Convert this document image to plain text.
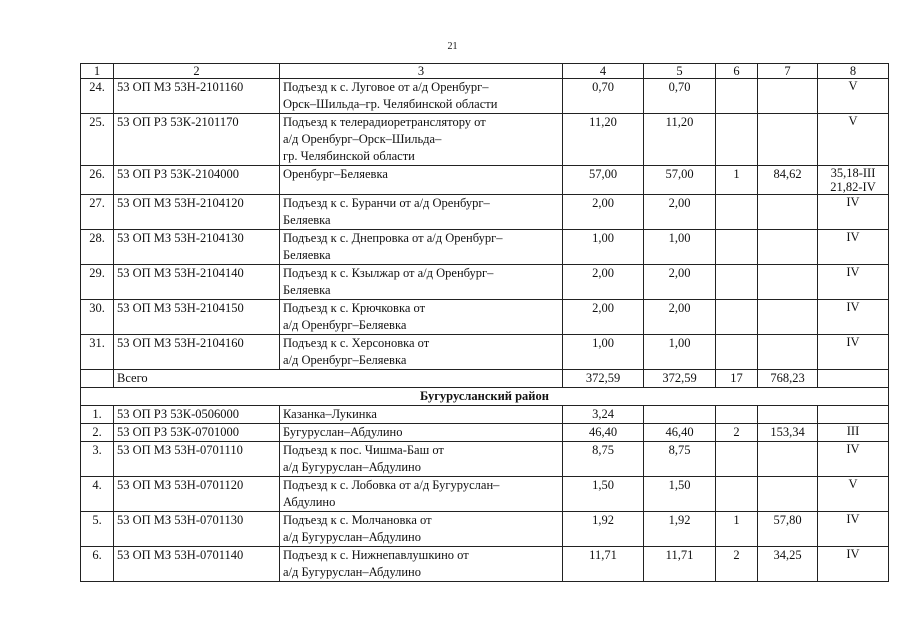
21
1	2	3	4	5	6	7	8
24.	53 ОП МЗ 53Н-2101160	Подъезд к с. Луговое от а/д Оренбург–
Орск–Шильда–гр. Челябинской области	0,70	0,70			V

25.	53 ОП РЗ 53К-2101170	Подъезд к телерадиоретранслятору от
а/д Оренбург–Орск–Шильда–
гр. Челябинской области	11,20	11,20			V

26.	53 ОП РЗ 53К-2104000	Оренбург–Беляевка	57,00	57,00	1	84,62	35,18-III
21,82-IV

27.	53 ОП МЗ 53Н-2104120	Подъезд к с. Буранчи от а/д Оренбург–
Беляевка	2,00	2,00			IV

28.	53 ОП МЗ 53Н-2104130	Подъезд к с. Днепровка от а/д Оренбург–
Беляевка	1,00	1,00			IV

29.	53 ОП МЗ 53Н-2104140	Подъезд к с. Кзылжар от а/д Оренбург–
Беляевка	2,00	2,00			IV

30.	53 ОП МЗ 53Н-2104150	Подъезд к с. Крючковка от
а/д Оренбург–Беляевка	2,00	2,00			IV

31.	53 ОП МЗ 53Н-2104160	Подъезд к с. Херсоновка от
а/д Оренбург–Беляевка	1,00	1,00			IV

	Всего		372,59	372,59	17	768,23	
Бугурусланский район							
1.	53 ОП РЗ 53К-0506000	Казанка–Лукинка	3,24				
2.	53 ОП РЗ 53К-0701000	Бугуруслан–Абдулино	46,40	46,40	2	153,34	III

3.	53 ОП МЗ 53Н-0701110	Подъезд к пос. Чишма-Баш от
а/д Бугуруслан–Абдулино	8,75	8,75			IV

4.	53 ОП МЗ 53Н-0701120	Подъезд к с. Лобовка от а/д Бугуруслан–
Абдулино	1,50	1,50			V

5.	53 ОП МЗ 53Н-0701130	Подъезд к с. Молчановка от
а/д Бугуруслан–Абдулино	1,92	1,92	1	57,80	IV

6.	53 ОП МЗ 53Н-0701140	Подъезд к с. Нижнепавлушкино от
а/д Бугуруслан–Абдулино	11,71	11,71	2	34,25	IV
